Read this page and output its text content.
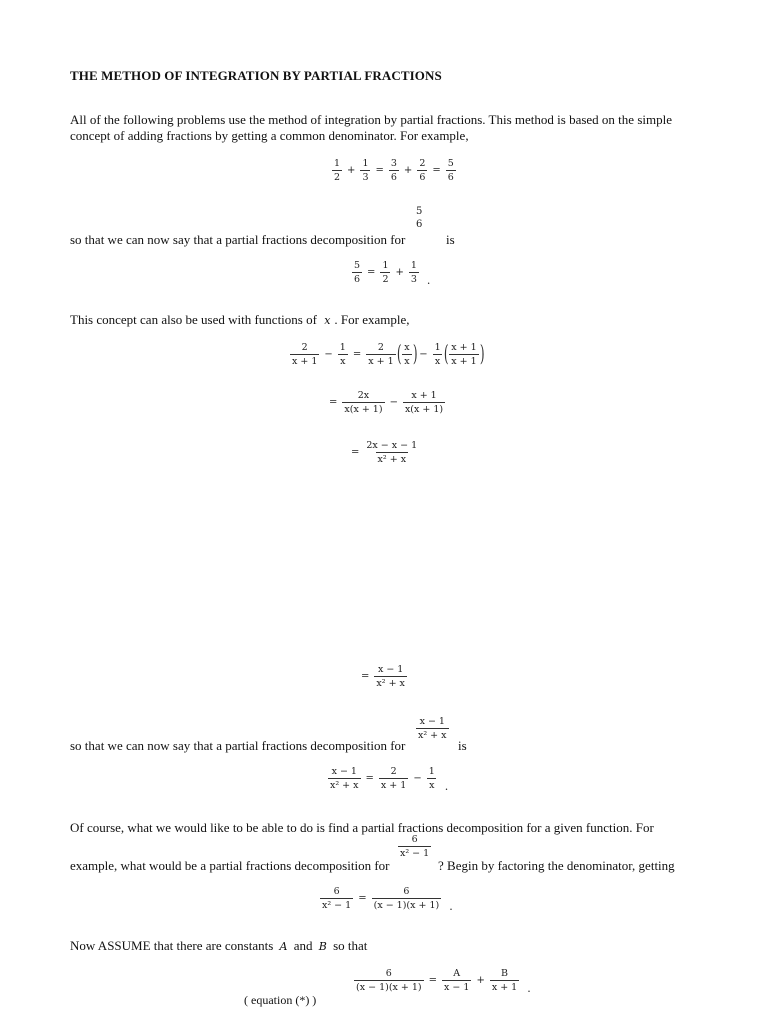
THE METHOD OF INTEGRATION BY PARTIAL FRACTIONS
All of the following problems use the method of integration by partial fractions. This method is based on the simple concept of adding fractions by getting a common denominator. For example,
$\frac{1}{2} + \frac{1}{3} = \frac{3}{6} + \frac{2}{6} = \frac{5}{6}$
so that we can now say that a partial fractions decomposition for
5
6
is
$\frac{5}{6} = \frac{1}{2} + \frac{1}{3}$ .
This concept can also be used with functions of x . For example,
$\frac{2}{x + 1} - \frac{1}{x} = \frac{2}{x + 1}$ ( $\frac{x}{x}$ ) − $\frac{1}{x}$ ( $\frac{x + 1}{x + 1}$ )
= $\frac{2x}{x(x + 1)} - \frac{x + 1}{x(x + 1)}$
= $\frac{2x - x - 1}{\text{x² + x}}$
= $\frac{x - 1}{\text{x² + x}}$
so that we can now say that a partial fractions decomposition for
$\frac{x - 1}{\text{x² + x}}$
is
$\frac{x - 1}{\text{x² + x}} = \frac{2}{x + 1} - \frac{1}{x}$ .
Of course, what we would like to be able to do is find a partial fractions decomposition for a given function. For
example, what would be a partial fractions decomposition for
$\frac{6}{\text{x² − 1}}$
? Begin by factoring the denominator, getting
$\frac{6}{\text{x² − 1}} = \frac{6}{(x - 1)(x + 1)}$ .
Now ASSUME that there are constants A and B so that
$\frac{6}{(x - 1)(x + 1)} = \frac{A}{x - 1} + \frac{B}{x + 1}$ .
( equation (*) )
